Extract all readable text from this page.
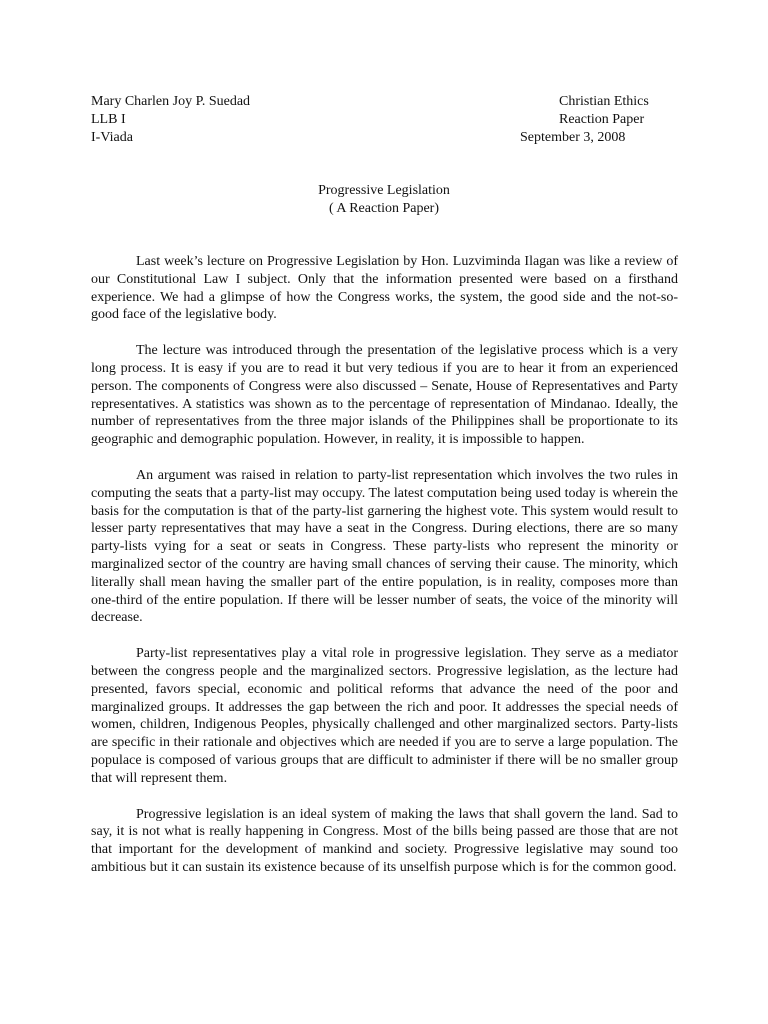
Mary Charlen Joy P. Suedad	Christian Ethics
LLB I	Reaction Paper
I-Viada	September 3, 2008
Progressive Legislation
( A Reaction Paper)

Last week’s lecture on Progressive Legislation by Hon. Luzviminda Ilagan was like a review of our Constitutional Law I subject. Only that the information presented were based on a firsthand experience. We had a glimpse of how the Congress works, the system, the good side and the not-so-good face of the legislative body.

The lecture was introduced through the presentation of the legislative process which is a very long process. It is easy if you are to read it but very tedious if you are to hear it from an experienced person. The components of Congress were also discussed – Senate, House of Representatives and Party representatives. A statistics was shown as to the percentage of representation of Mindanao. Ideally, the number of representatives from the three major islands of the Philippines shall be proportionate to its geographic and demographic population. However, in reality, it is impossible to happen.

An argument was raised in relation to party-list representation which involves the two rules in computing the seats that a party-list may occupy. The latest computation being used today is wherein the basis for the computation is that of the party-list garnering the highest vote. This system would result to lesser party representatives that may have a seat in the Congress. During elections, there are so many party-lists vying for a seat or seats in Congress. These party-lists who represent the minority or marginalized sector of the country are having small chances of serving their cause. The minority, which literally shall mean having the smaller part of the entire population, is in reality, composes more than one-third of the entire population. If there will be lesser number of seats, the voice of the minority will decrease.

Party-list representatives play a vital role in progressive legislation. They serve as a mediator between the congress people and the marginalized sectors. Progressive legislation, as the lecture had presented, favors special, economic and political reforms that advance the need of the poor and marginalized groups. It addresses the gap between the rich and poor. It addresses the special needs of women, children, Indigenous Peoples, physically challenged and other marginalized sectors. Party-lists are specific in their rationale and objectives which are needed if you are to serve a large population. The populace is composed of various groups that are difficult to administer if there will be no smaller group that will represent them.

Progressive legislation is an ideal system of making the laws that shall govern the land. Sad to say, it is not what is really happening in Congress. Most of the bills being passed are those that are not that important for the development of mankind and society. Progressive legislative may sound too ambitious but it can sustain its existence because of its unselfish purpose which is for the common good.
